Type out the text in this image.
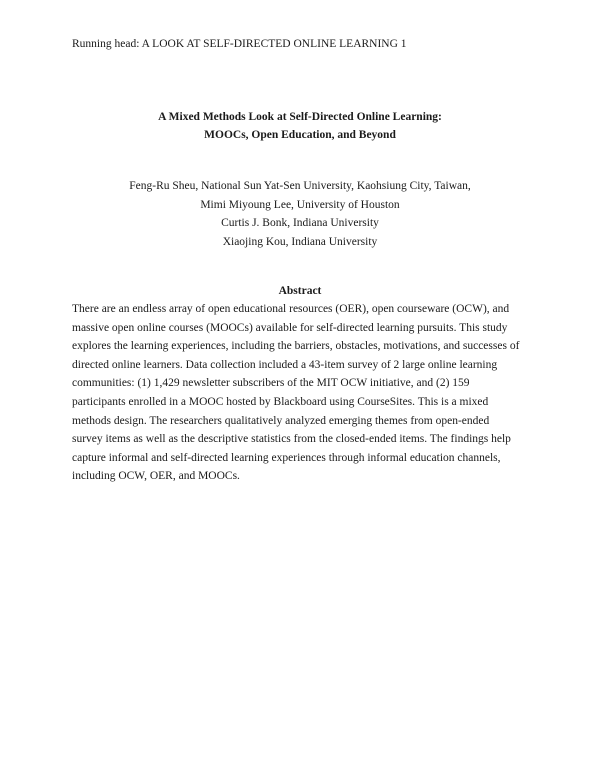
Running head: A LOOK AT SELF-DIRECTED ONLINE LEARNING 1
A Mixed Methods Look at Self-Directed Online Learning:
MOOCs, Open Education, and Beyond
Feng-Ru Sheu, National Sun Yat-Sen University, Kaohsiung City, Taiwan,
Mimi Miyoung Lee, University of Houston
Curtis J. Bonk, Indiana University
Xiaojing Kou, Indiana University
Abstract
There are an endless array of open educational resources (OER), open courseware (OCW), and
massive open online courses (MOOCs) available for self-directed learning pursuits. This study
explores the learning experiences, including the barriers, obstacles, motivations, and successes of
directed online learners. Data collection included a 43-item survey of 2 large online learning
communities: (1) 1,429 newsletter subscribers of the MIT OCW initiative, and (2) 159
participants enrolled in a MOOC hosted by Blackboard using CourseSites. This is a mixed
methods design. The researchers qualitatively analyzed emerging themes from open-ended
survey items as well as the descriptive statistics from the closed-ended items. The findings help
capture informal and self-directed learning experiences through informal education channels,
including OCW, OER, and MOOCs.
